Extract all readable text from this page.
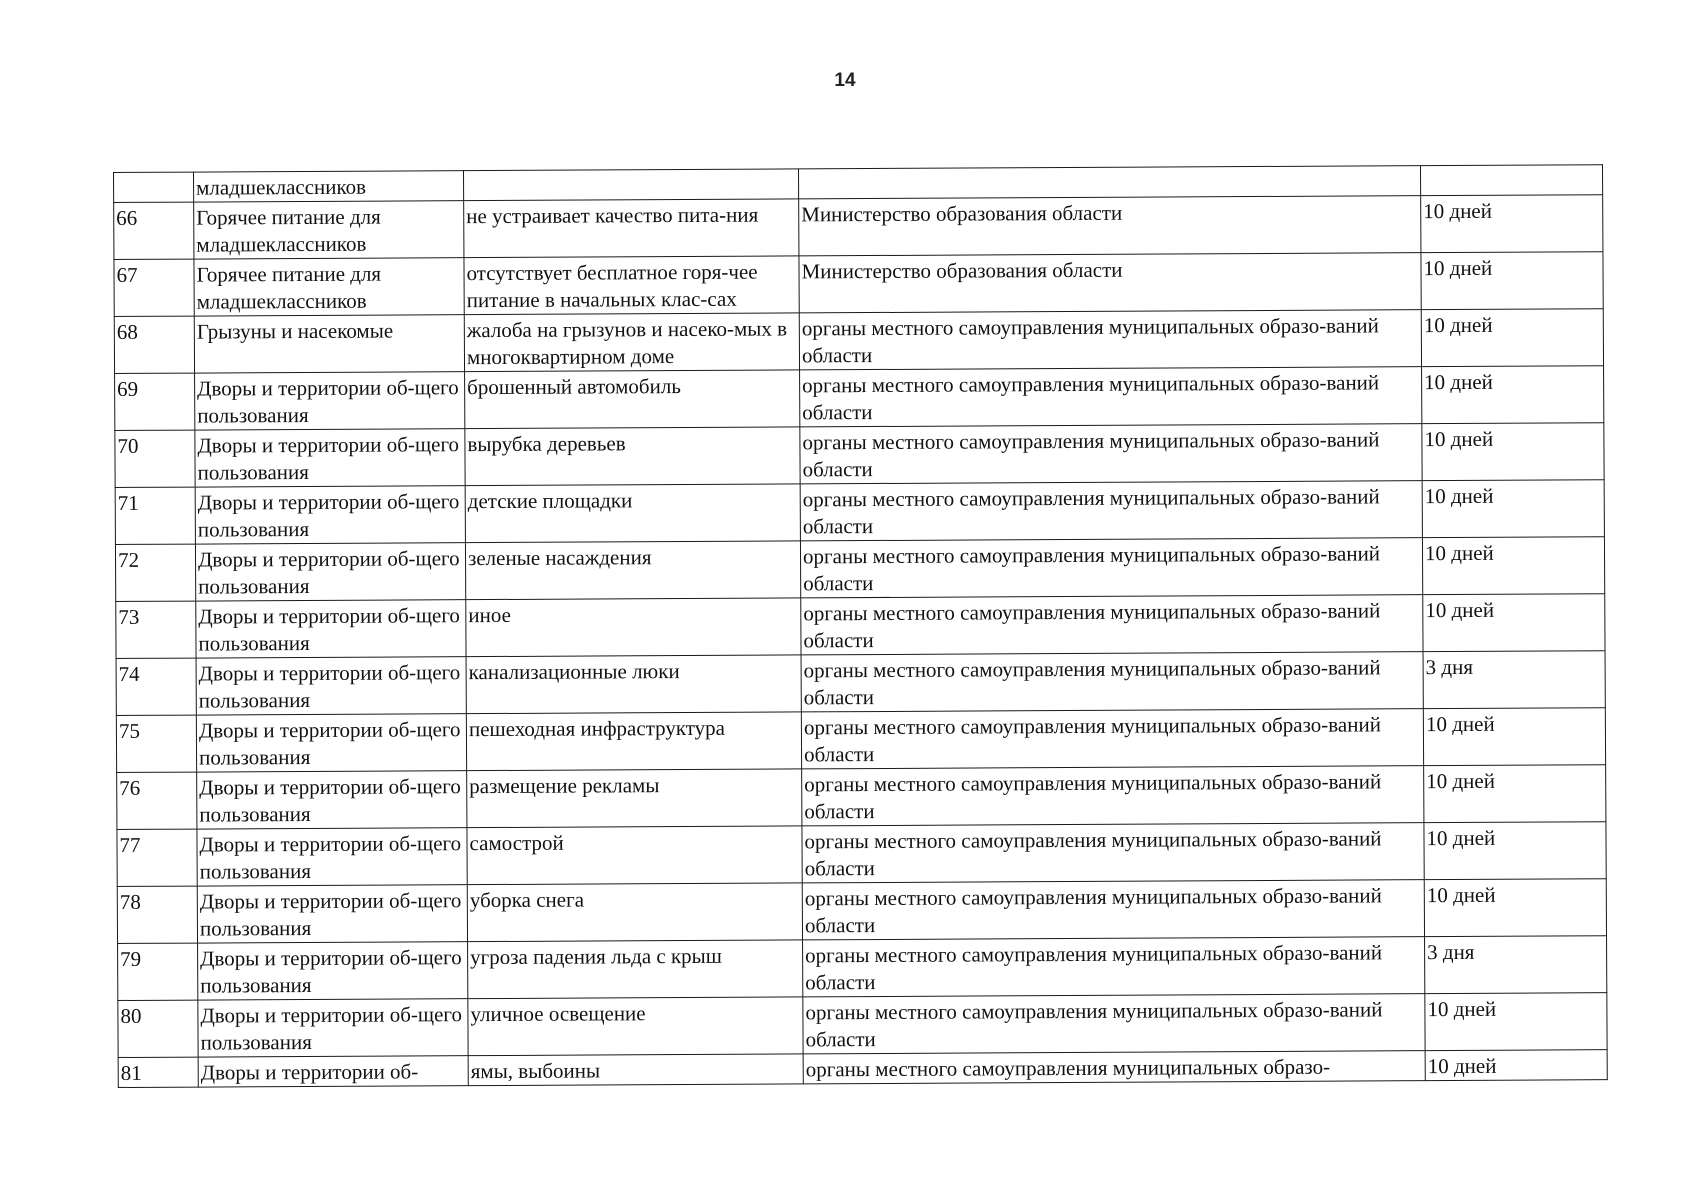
14

	младшеклассников			

66	Горячее питание для младшеклассников	не устраивает качество пита-ния	Министерство образования области	10 дней

67	Горячее питание для младшеклассников	отсутствует бесплатное горя-чее питание в начальных клас-сах	Министерство образования области	10 дней

68	Грызуны и насекомые	жалоба на грызунов и насеко-мых в многоквартирном доме	органы местного самоуправления муниципальных образо-ваний области	10 дней

69	Дворы и территории об-щего пользования	брошенный автомобиль	органы местного самоуправления муниципальных образо-ваний области	10 дней

70	Дворы и территории об-щего пользования	вырубка деревьев	органы местного самоуправления муниципальных образо-ваний области	10 дней

71	Дворы и территории об-щего пользования	детские площадки	органы местного самоуправления муниципальных образо-ваний области	10 дней

72	Дворы и территории об-щего пользования	зеленые насаждения	органы местного самоуправления муниципальных образо-ваний области	10 дней

73	Дворы и территории об-щего пользования	иное	органы местного самоуправления муниципальных образо-ваний области	10 дней

74	Дворы и территории об-щего пользования	канализационные люки	органы местного самоуправления муниципальных образо-ваний области	3 дня

75	Дворы и территории об-щего пользования	пешеходная инфраструктура	органы местного самоуправления муниципальных образо-ваний области	10 дней

76	Дворы и территории об-щего пользования	размещение рекламы	органы местного самоуправления муниципальных образо-ваний области	10 дней

77	Дворы и территории об-щего пользования	самострой	органы местного самоуправления муниципальных образо-ваний области	10 дней

78	Дворы и территории об-щего пользования	уборка снега	органы местного самоуправления муниципальных образо-ваний области	10 дней

79	Дворы и территории об-щего пользования	угроза падения льда с крыш	органы местного самоуправления муниципальных образо-ваний области	3 дня

80	Дворы и территории об-щего пользования	уличное освещение	органы местного самоуправления муниципальных образо-ваний области	10 дней

81	Дворы и территории об-	ямы, выбоины	органы местного самоуправления муниципальных образо-	10 дней
